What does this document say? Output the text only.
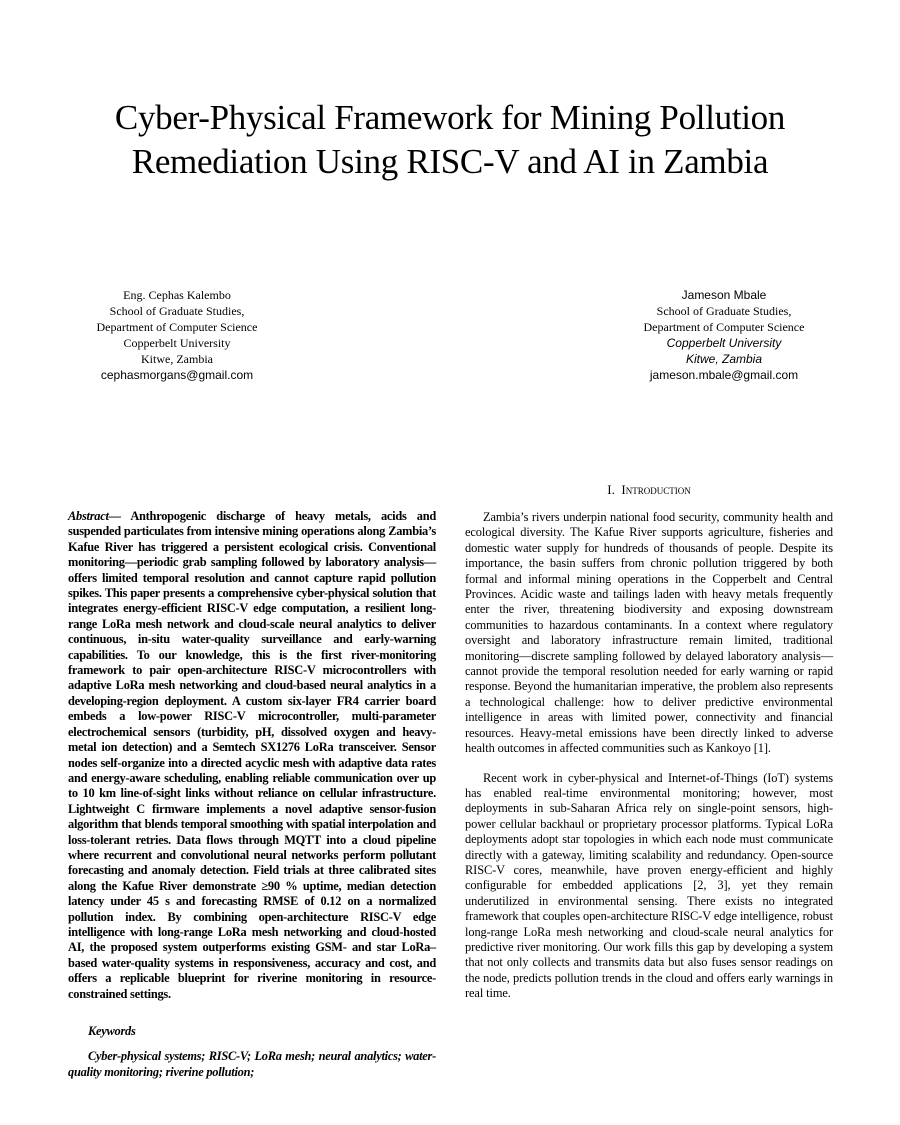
Cyber-Physical Framework for Mining Pollution Remediation Using RISC-V and AI in Zambia
Eng. Cephas Kalembo
School of Graduate Studies,
Department of Computer Science
Copperbelt University
Kitwe, Zambia
cephasmorgans@gmail.com
Jameson Mbale
School of Graduate Studies,
Department of Computer Science
Copperbelt University
Kitwe, Zambia
jameson.mbale@gmail.com

Abstract— Anthropogenic discharge of heavy metals, acids and suspended particulates from intensive mining operations along Zambia’s Kafue River has triggered a persistent ecological crisis. Conventional monitoring—periodic grab sampling followed by laboratory analysis—offers limited temporal resolution and cannot capture rapid pollution spikes. This paper presents a comprehensive cyber-physical solution that integrates energy-efficient RISC-V edge computation, a resilient long-range LoRa mesh network and cloud-scale neural analytics to deliver continuous, in-situ water-quality surveillance and early-warning capabilities. To our knowledge, this is the first river-monitoring framework to pair open-architecture RISC-V microcontrollers with adaptive LoRa mesh networking and cloud-based neural analytics in a developing-region deployment. A custom six-layer FR4 carrier board embeds a low-power RISC-V microcontroller, multi-parameter electrochemical sensors (turbidity, pH, dissolved oxygen and heavy-metal ion detection) and a Semtech SX1276 LoRa transceiver. Sensor nodes self-organize into a directed acyclic mesh with adaptive data rates and energy-aware scheduling, enabling reliable communication over up to 10 km line-of-sight links without reliance on cellular infrastructure. Lightweight C firmware implements a novel adaptive sensor-fusion algorithm that blends temporal smoothing with spatial interpolation and loss-tolerant retries. Data flows through MQTT into a cloud pipeline where recurrent and convolutional neural networks perform pollutant forecasting and anomaly detection. Field trials at three calibrated sites along the Kafue River demonstrate ≥90 % uptime, median detection latency under 45 s and forecasting RMSE of 0.12 on a normalized pollution index. By combining open-architecture RISC-V edge intelligence with long-range LoRa mesh networking and cloud-hosted AI, the proposed system outperforms existing GSM- and star LoRa–based water-quality systems in responsiveness, accuracy and cost, and offers a replicable blueprint for riverine monitoring in resource-constrained settings.

Keywords

Cyber-physical systems; RISC-V; LoRa mesh; neural analytics; water-quality monitoring; riverine pollution;

I. Introduction

Zambia’s rivers underpin national food security, community health and ecological diversity. The Kafue River supports agriculture, fisheries and domestic water supply for hundreds of thousands of people. Despite its importance, the basin suffers from chronic pollution triggered by both formal and informal mining operations in the Copperbelt and Central Provinces. Acidic waste and tailings laden with heavy metals frequently enter the river, threatening biodiversity and exposing downstream communities to hazardous contaminants. In a context where regulatory oversight and laboratory infrastructure remain limited, traditional monitoring—discrete sampling followed by delayed laboratory analysis—cannot provide the temporal resolution needed for early warning or rapid response. Beyond the humanitarian imperative, the problem also represents a technological challenge: how to deliver predictive environmental intelligence in areas with limited power, connectivity and financial resources. Heavy-metal emissions have been directly linked to adverse health outcomes in affected communities such as Kankoyo [1].

Recent work in cyber-physical and Internet-of-Things (IoT) systems has enabled real-time environmental monitoring; however, most deployments in sub-Saharan Africa rely on single-point sensors, high-power cellular backhaul or proprietary processor platforms. Typical LoRa deployments adopt star topologies in which each node must communicate directly with a gateway, limiting scalability and redundancy. Open-source RISC-V cores, meanwhile, have proven energy-efficient and highly configurable for embedded applications [2, 3], yet they remain underutilized in environmental sensing. There exists no integrated framework that couples open-architecture RISC-V edge intelligence, robust long-range LoRa mesh networking and cloud-scale neural analytics for predictive river monitoring. Our work fills this gap by developing a system that not only collects and transmits data but also fuses sensor readings on the node, predicts pollution trends in the cloud and offers early warnings in real time.
